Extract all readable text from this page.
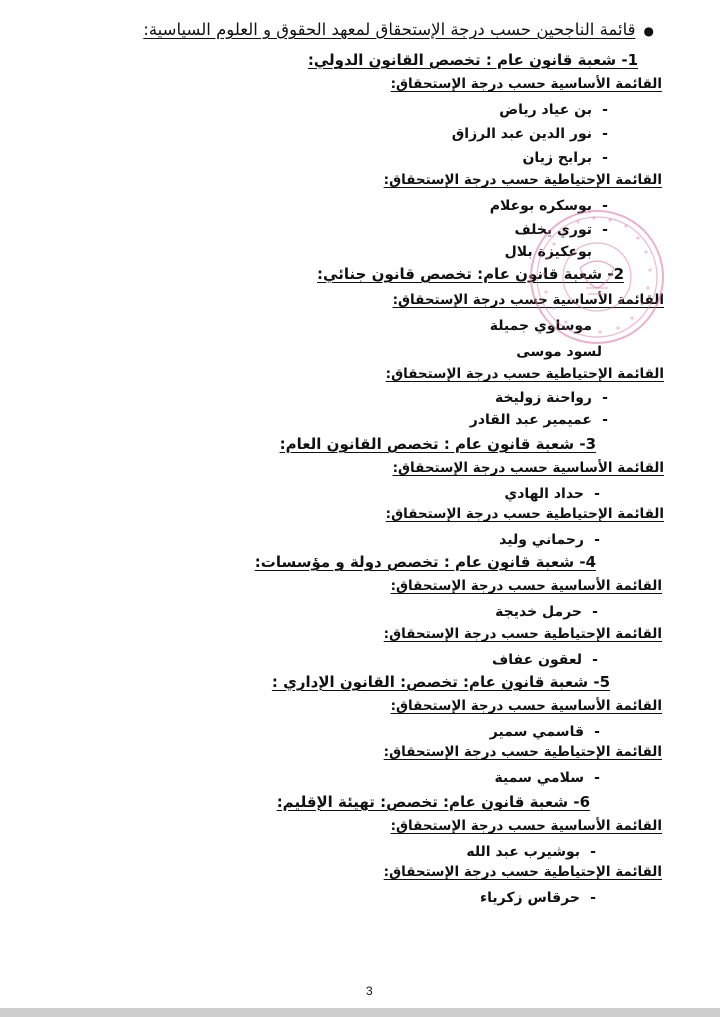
●قائمة الناجحين حسب درجة الإستحقاق لمعهد الحقوق و العلوم السياسية:
1- شعبة قانون عام : تخصص القانون الدولي:
القائمة الأساسية حسب درجة الإستحقاق:
-بن عياد رياض
-نور الدين عبد الرزاق
-برابح زيان
القائمة الإحتياطية حسب درجة الإستحقاق:
-بوسكره بوعلام
-توري يخلف
بوعكيزة بلال
2- شعبة قانون عام: تخصص قانون جنائي:
القائمة الأساسية حسب درجة الإستحقاق:
موساوي جميلة
لسود موسى
القائمة الإحتياطية حسب درجة الإستحقاق:
-رواحنة زوليخة
-عميمير عبد القادر
3- شعبة قانون عام : تخصص القانون العام:
القائمة الأساسية حسب درجة الإستحقاق:
-حداد الهادي
القائمة الإحتياطية حسب درجة الإستحقاق:
-رحماني وليد
4- شعبة قانون عام : تخصص دولة و مؤسسات:
القائمة الأساسية حسب درجة الإستحقاق:
-حرمل خديجة
القائمة الإحتياطية حسب درجة الإستحقاق:
-لعقون عفاف
5- شعبة قانون عام: تخصص: القانون الإداري :
القائمة الأساسية حسب درجة الإستحقاق:
-قاسمي سمير
القائمة الإحتياطية حسب درجة الإستحقاق:
-سلامي سمية
6- شعبة قانون عام: تخصص: تهيئة الإقليم:
القائمة الأساسية حسب درجة الإستحقاق:
-بوشيرب عبد الله
القائمة الإحتياطية حسب درجة الإستحقاق:
-حرقاس زكرياء
3
